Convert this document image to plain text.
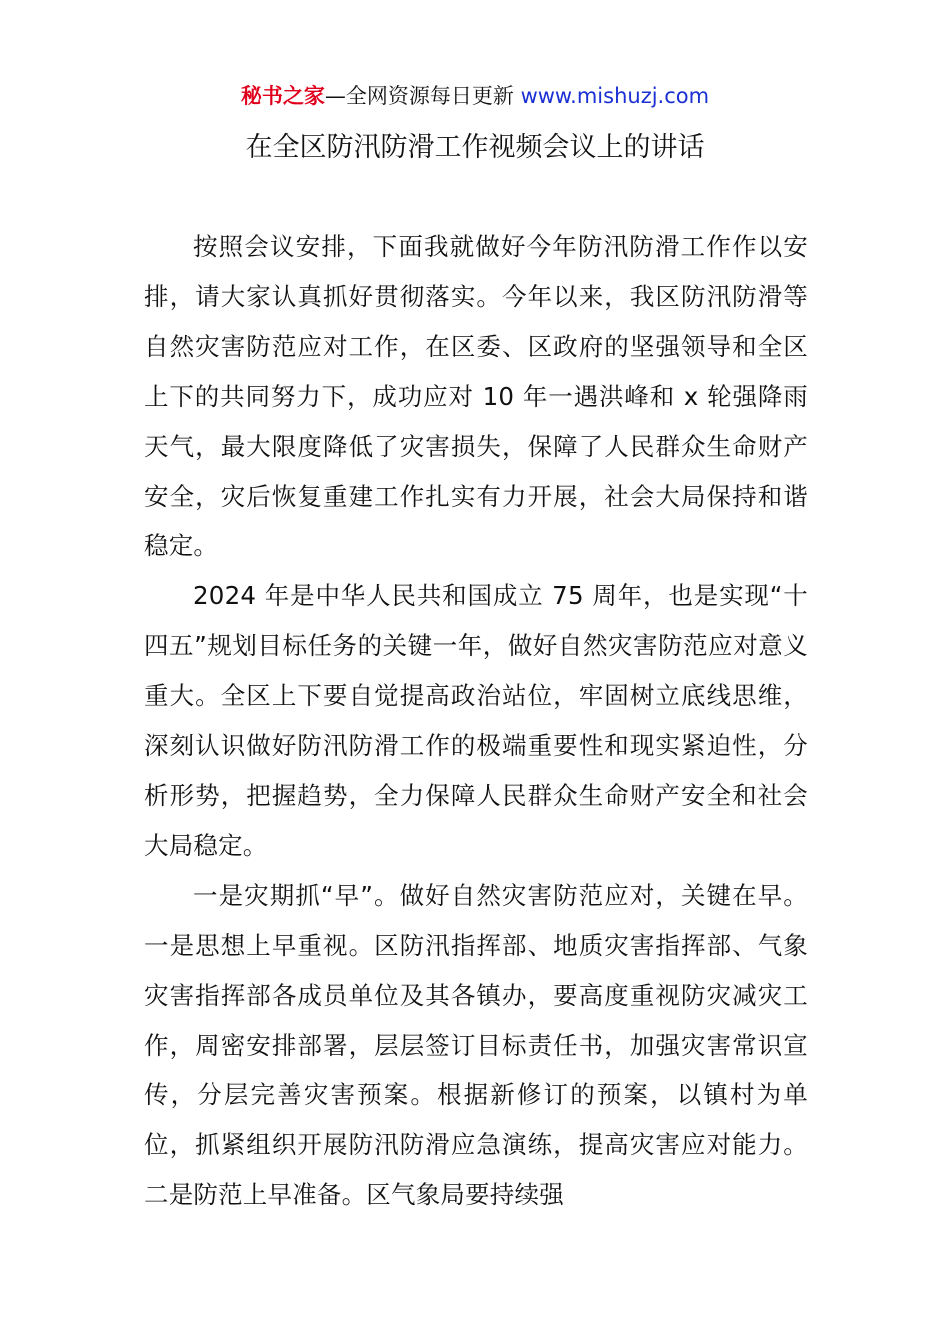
秘书之家—全网资源每日更新 www.mishuzj.com
在全区防汛防滑工作视频会议上的讲话

按照会议安排，下面我就做好今年防汛防滑工作作以安排，请大家认真抓好贯彻落实。今年以来，我区防汛防滑等自然灾害防范应对工作，在区委、区政府的坚强领导和全区上下的共同努力下，成功应对 10 年一遇洪峰和 x 轮强降雨天气，最大限度降低了灾害损失，保障了人民群众生命财产安全，灾后恢复重建工作扎实有力开展，社会大局保持和谐稳定。

2024 年是中华人民共和国成立 75 周年，也是实现“十四五”规划目标任务的关键一年，做好自然灾害防范应对意义重大。全区上下要自觉提高政治站位，牢固树立底线思维，深刻认识做好防汛防滑工作的极端重要性和现实紧迫性，分析形势，把握趋势，全力保障人民群众生命财产安全和社会大局稳定。

一是灾期抓“早”。做好自然灾害防范应对，关键在早。一是思想上早重视。区防汛指挥部、地质灾害指挥部、气象灾害指挥部各成员单位及其各镇办，要高度重视防灾减灾工作，周密安排部署，层层签订目标责任书，加强灾害常识宣传，分层完善灾害预案。根据新修订的预案，以镇村为单位，抓紧组织开展防汛防滑应急演练，提高灾害应对能力。二是防范上早准备。区气象局要持续强
